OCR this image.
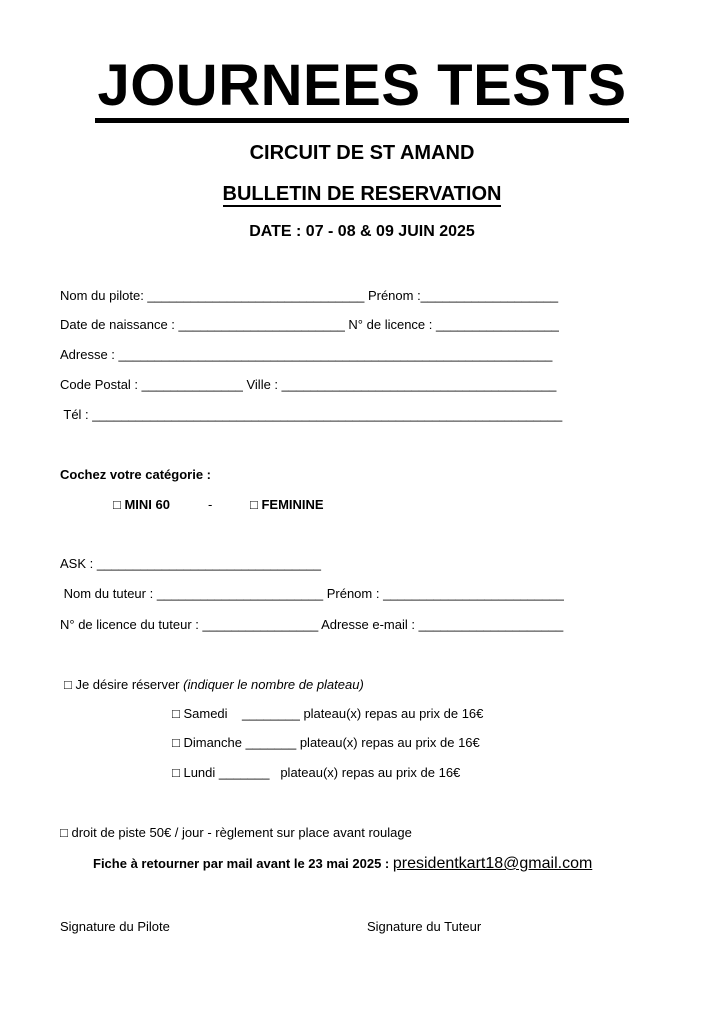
JOURNEES TESTS
CIRCUIT DE ST AMAND
BULLETIN DE RESERVATION
DATE : 07 - 08 & 09 JUIN 2025
Nom du pilote: ______________________________ Prénom :___________________
Date de naissance : _______________________ N° de licence : _________________
Adresse : ____________________________________________________________
Code Postal : ______________ Ville : ______________________________________
Tél : _________________________________________________________________
Cochez votre catégorie :
□ MINI 60	-	□ FEMININE
ASK : _______________________________
Nom du tuteur : _______________________ Prénom : _________________________
N° de licence du tuteur : ________________ Adresse e-mail : ____________________
□ Je désire réserver (indiquer le nombre de plateau)
□ Samedi    ________ plateau(x) repas au prix de 16€
□ Dimanche _______ plateau(x) repas au prix de 16€
□ Lundi _______   plateau(x) repas au prix de 16€
□ droit de piste 50€ / jour - règlement sur place avant roulage
Fiche à retourner par mail avant le 23 mai 2025 : presidentkart18@gmail.com
Signature du Pilote	Signature du Tuteur
